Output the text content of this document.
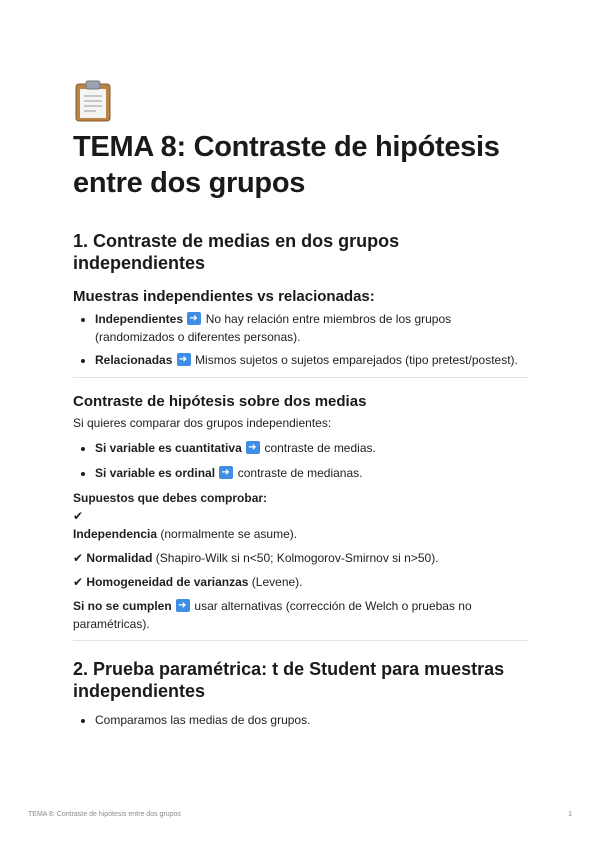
TEMA 8: Contraste de hipótesis entre dos grupos
1. Contraste de medias en dos grupos independientes
Muestras independientes vs relacionadas:
• Independientes ➜ No hay relación entre miembros de los grupos (randomizados o diferentes personas).
• Relacionadas ➜ Mismos sujetos o sujetos emparejados (tipo pretest/postest).
Contraste de hipótesis sobre dos medias

Si quieres comparar dos grupos independientes:

• Si variable es cuantitativa ➜ contraste de medias.
• Si variable es ordinal ➜ contraste de medianas.

Supuestos que debes comprobar:

✔
Independencia (normalmente se asume).

✔ Normalidad (Shapiro-Wilk si n<50; Kolmogorov-Smirnov si n>50).

✔ Homogeneidad de varianzas (Levene).

Si no se cumplen ➜ usar alternativas (corrección de Welch o pruebas no paramétricas).

2. Prueba paramétrica: t de Student para muestras independientes
• Comparamos las medias de dos grupos.
TEMA 8: Contraste de hipótesis entre dos grupos	1
